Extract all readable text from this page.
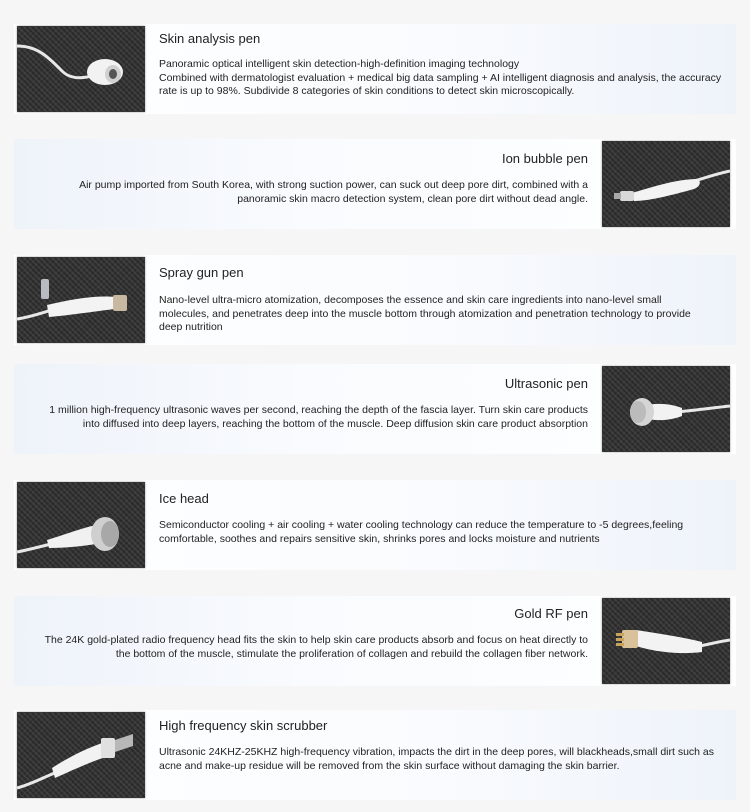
Skin analysis pen
Panoramic optical intelligent skin detection-high-definition imaging technology
Combined with dermatologist evaluation + medical big data sampling + AI intelligent diagnosis and analysis, the accuracy rate is up to 98%. Subdivide 8 categories of skin conditions to detect skin microscopically.
Ion bubble pen
Air pump imported from South Korea, with strong suction power, can suck out deep pore dirt, combined with a panoramic skin macro detection system, clean pore dirt without dead angle.
Spray gun pen
Nano-level ultra-micro atomization, decomposes the essence and skin care ingredients into nano-level small molecules, and penetrates deep into the muscle bottom through atomization and penetration technology to provide deep nutrition
Ultrasonic pen
1 million high-frequency ultrasonic waves per second, reaching the depth of the fascia layer. Turn skin care products into diffused into deep layers, reaching the bottom of the muscle. Deep diffusion skin care product absorption
Ice head
Semiconductor cooling + air cooling + water cooling technology can reduce the temperature to -5 degrees,feeling comfortable, soothes and repairs sensitive skin, shrinks pores and locks moisture and nutrients
Gold RF pen
The 24K gold-plated radio frequency head fits the skin to help skin care products absorb and focus on heat directly to the bottom of the muscle, stimulate the proliferation of collagen and rebuild the collagen fiber network.
High frequency skin scrubber
Ultrasonic 24KHZ-25KHZ high-frequency vibration, impacts the dirt in the deep pores, will blackheads,small dirt such as acne and make-up residue will be removed from the skin surface without damaging the skin barrier.
